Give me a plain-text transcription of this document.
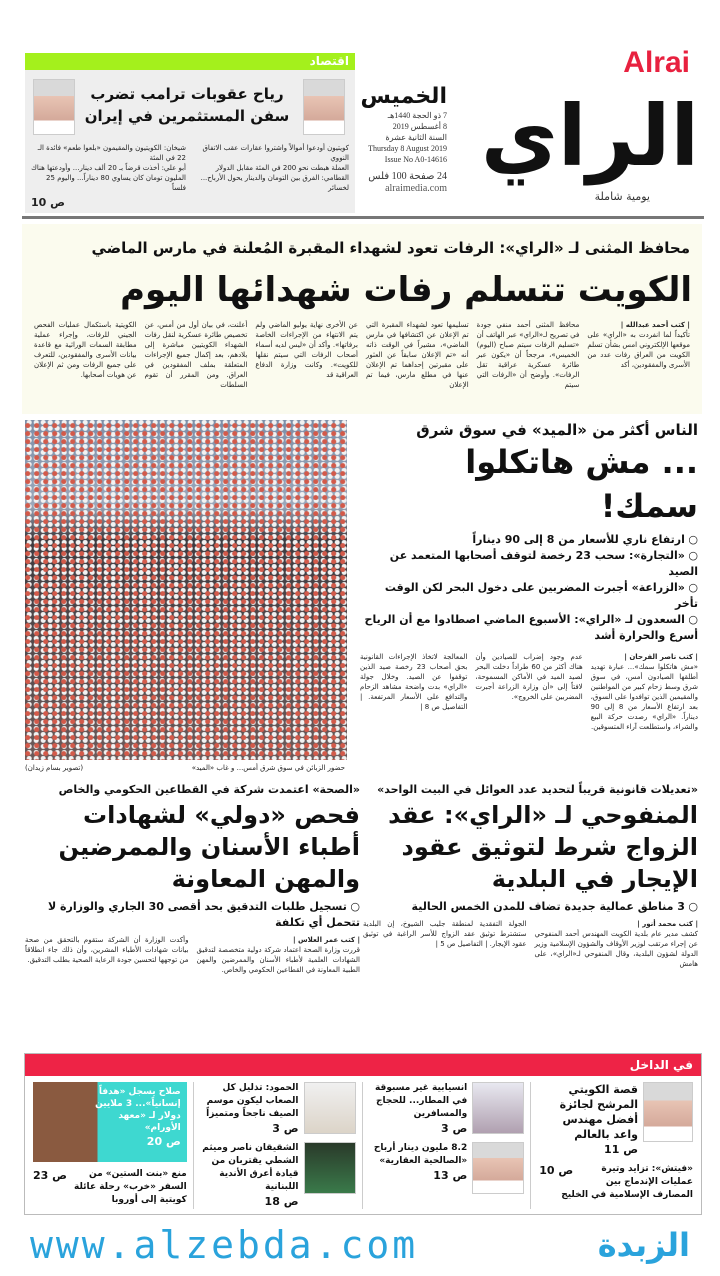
Alrai
الراي
يومية شاملة
الخميس
7 ذو الحجة 1440هـ
8 أغسطس 2019
السنة الثانية عشرة
Thursday 8 August 2019
Issue No A0-14616
24 صفحة 100 فلس
alraimedia.com
اقتصاد
رياح عقوبات ترامب تضرب سفن المستثمرين في إيران
كويتيون أودعوا أموالاً واشتروا عقارات عقب الاتفاق النووي
العملة هبطت نحو 200 في المئة مقابل الدولار
القطامي: الفرق بين التومان والدينار يحول الأرباح... لخسائر
شيخان: الكويتيون والمقيمون «بلعوا طعم» فائدة الـ 22 في المئة
أبو علي: أخذت قرضاً بـ 20 ألف دينار... وأودعتها هناك
المليون تومان كان يساوي 80 ديناراً... واليوم 25 فلساً
ص 10
محافظ المثنى لـ «الراي»: الرفات تعود لشهداء المقبرة المُعلنة في مارس الماضي
الكويت تتسلم رفات شهدائها اليوم
| كتب أحمد عبدالله |
تأكيداً لما انفردت به «الراي» على موقعها الإلكتروني امس بشأن تسلم الكويت من العراق رفات عدد من الأسرى والمفقودين، أكد
محافظ المثنى أحمد منفي جودة في تصريح لـ«الراي» عبر الهاتف أن «تسليم الرفات سيتم صباح (اليوم) الخميس»، مرجحاً أن «يكون عبر طائرة عسكرية عراقية تقل الرفات». وأوضح أن «الرفات التي سيتم
تسليمها تعود لشهداء المقبرة التي تم الإعلان عن اكتشافها في مارس الماضي»، مشيراً في الوقت ذاته أنه «تم الإعلان سابقاً عن العثور على مقبرتين إحداهما تم الإعلان عنها في مطلع مارس، فيما تم الإعلان
عن الأخرى نهاية يوليو الماضي ولم يتم الانتهاء من الإجراءات الخاصة برفاتها». وأكد أن «ليس لديه أسماء أصحاب الرفات التي سيتم نقلها للكويت». وكانت وزارة الدفاع العراقية قد
أعلنت، في بيان أول من أمس، عن تخصيص طائرة عسكرية لنقل رفات الشهداء الكويتيين مباشرة إلى بلادهم، بعد إكمال جميع الإجراءات المتعلقة بملف المفقودين في العراق. ومن المقرر أن تقوم السلطات
الكويتية باستكمال عمليات الفحص الجيني للرفات، وإجراء عملية مطابقة السمات الوراثية مع قاعدة بيانات الأسرى والمفقودين، للتعرف على جميع الرفات ومن ثم الإعلان عن هويات أصحابها.
الناس أكثر من «الميد» في سوق شرق
... مش هاتكلوا سمك!
○ ارتفاع ناري للأسعار من 8 إلى 90 ديناراً
○ «التجارة»: سحب 23 رخصة لتوقف أصحابها المتعمد عن الصيد
○ «الزراعة» أجبرت المضربين على دخول البحر لكن الوقت تأخر
○ السعدون لـ «الراي»: الأسبوع الماضي اصطادوا مع أن الرياح أسرع والحرارة أشد
| كتب ناصر الفرحان |
«مش هاتكلوا سمك»... عبارة تهديد أطلقها الصيادون أمس، في سوق شرق وسط زحام كبير من المواطنين والمقيمين الذين توافدوا على السوق، بعد ارتفاع الأسعار من 8 إلى 90 ديناراً. «الراي» رصدت حركة البيع والشراء، واستطلعت آراء المتسوقين.
عدم وجود إضراب للصيادين وأن هناك أكثر من 60 طراداً دخلت البحر لصيد الميد في الأماكن المسموحة، لافتاً إلى «أن وزارة الزراعة أجبرت المضربين على الخروج».
المعالجة لاتخاذ الإجراءات القانونية بحق أصحاب 23 رخصة صيد الذين توقفوا عن الصيد. وخلال جولة «الراي» بدت واضحة مشاهد الزحام والتدافع على الأسعار المرتفعة. | التفاصيل ص 8 |
حضور الزبائن في سوق شرق أمس... و غاب «الميد»
(تصوير بسام زيدان)
«تعديلات قانونية قريباً لتحديد عدد العوائل في البيت الواحد»
المنفوحي لـ «الراي»: عقد الزواج شرط لتوثيق عقود الإيجار في البلدية
○ 3 مناطق عمالية جديدة تضاف للمدن الخمس الحالية
| كتب محمد أنور |
كشف مدير عام بلدية الكويت المهندس أحمد المنفوحي عن إجراء مرتقب لوزير الأوقاف والشؤون الإسلامية وزير الدولة لشؤون البلدية، وقال المنفوحي لـ«الراي»، على هامش
الجولة التفقدية لمنطقة جليب الشيوخ، إن البلدية ستشترط توثيق عقد الزواج للأسر الراغبة في توثيق عقود الإيجار. | التفاصيل ص 5 |
«الصحة» اعتمدت شركة في القطاعين الحكومي والخاص
فحص «دولي» لشهادات أطباء الأسنان والممرضين والمهن المعاونة
○ تسجيل طلبات التدقيق بحد أقصى 30 الجاري والوزارة لا تتحمل أي تكلفة
| كتب عمر العلاس |
قررت وزارة الصحة اعتماد شركة دولية متخصصة لتدقيق الشهادات العلمية لأطباء الأسنان والممرضين والمهن الطبية المعاونة في القطاعين الحكومي والخاص.
وأكدت الوزارة أن الشركة ستقوم بالتحقق من صحة بيانات شهادات الأطباء المشرين، وأن ذلك جاء انطلاقاً من توجهها لتحسين جودة الرعاية الصحية بطلب التدقيق.
في الداخل
قصة الكويتي المرشح لجائزة أفضل مهندس واعد بالعالم
ص 11
ص 10	«فيتش»: تزايد وتيرة عمليات الإندماج بين المصارف الإسلامية في الخليج
انسيابية غير مسبوقة في المطار... للحجاج والمسافرين
ص 3
8.2 مليون دينار أرباح «الصالحية العقارية»
ص 13
الحمود: تذليل كل الصعاب ليكون موسم الصيف ناجحاً ومتميزاً
ص 3
الشقيقان ناصر وميثم الشطي يقتربان من قيادة أعرق الأندية اللبنانية
ص 18
صلاح يسجل «هدفاً إنسانياً»... 3 ملايين دولار لـ «معهد الأورام»
ص 20
ص 23 منع «بنت الستين» من السفر «خرب» رحلة عائلة كويتية إلى أوروبا
www.alzebda.com	الزبدة
